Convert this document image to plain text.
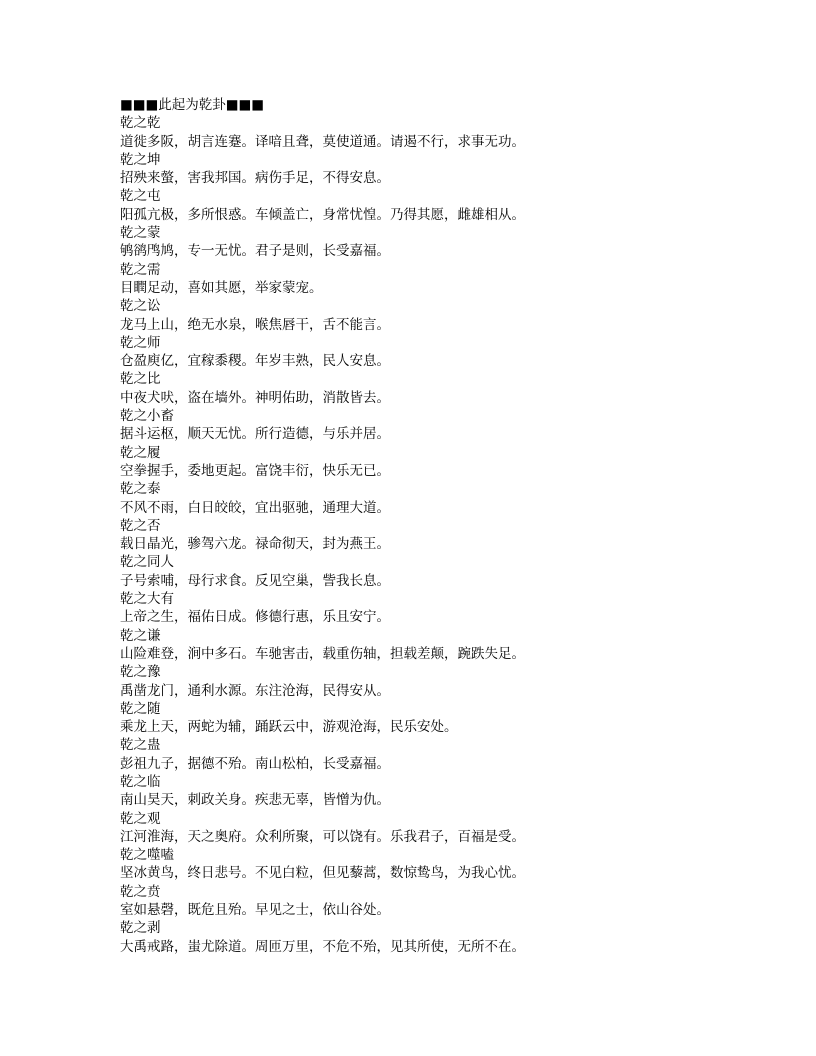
■■■此起为乾卦■■■
乾之乾
道徙多阪，胡言连蹇。译喑且聋，莫使道通。请遏不行，求事无功。
乾之坤
招殃来螫，害我邦国。病伤手足，不得安息。
乾之屯
阳孤亢极，多所恨惑。车倾盖亡，身常忧惶。乃得其愿，雌雄相从。
乾之蒙
鸲鹆鸤鸠，专一无忧。君子是则，长受嘉福。
乾之需
目瞤足动，喜如其愿，举家蒙宠。
乾之讼
龙马上山，绝无水泉，喉焦唇干，舌不能言。
乾之师
仓盈庾亿，宜稼黍稷。年岁丰熟，民人安息。
乾之比
中夜犬吠，盗在墙外。神明佑助，消散皆去。
乾之小畜
据斗运枢，顺天无忧。所行造德，与乐并居。
乾之履
空拳握手，委地更起。富饶丰衍，快乐无已。
乾之泰
不风不雨，白日皎皎，宜出驱驰，通理大道。
乾之否
载日晶光，骖驾六龙。禄命彻天，封为燕王。
乾之同人
子号索哺，母行求食。反见空巢，訾我长息。
乾之大有
上帝之生，福佑日成。修德行惠，乐且安宁。
乾之谦
山险难登，涧中多石。车驰害击，载重伤轴，担载差颠，踠跌失足。
乾之豫
禹凿龙门，通利水源。东注沧海，民得安从。
乾之随
乘龙上天，两蛇为辅，踊跃云中，游观沧海，民乐安处。
乾之蛊
彭祖九子，据德不殆。南山松柏，长受嘉福。
乾之临
南山昊天，刺政关身。疾悲无辜，皆憎为仇。
乾之观
江河淮海，天之奥府。众利所聚，可以饶有。乐我君子，百福是受。
乾之噬嗑
坚冰黄鸟，终日悲号。不见白粒，但见藜蒿，数惊鸷鸟，为我心忧。
乾之贲
室如悬磬，既危且殆。早见之士，依山谷处。
乾之剥
大禹戒路，蚩尤除道。周匝万里，不危不殆，见其所使，无所不在。
